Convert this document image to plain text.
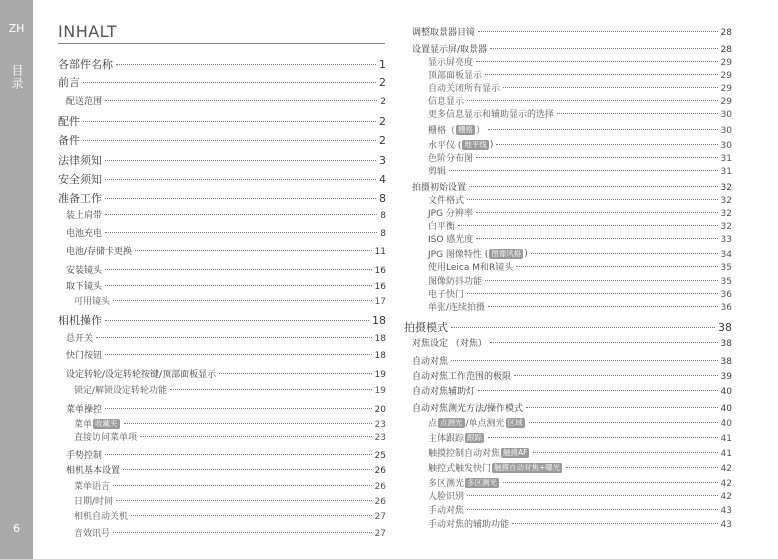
ZH
目录
6
INHALT
各部件名称	1
前言	2
配送范围	2
配件	2
备件	2
法律须知	3
安全须知	4
准备工作	8
装上肩带	8
电池充电	8
电池/存储卡更换	11
安装镜头	16
取下镜头	16
可用镜头	17
相机操作	18
总开关	18
快门按钮	18
设定转轮/设定转轮按键/顶部面板显示	19
锁定/解锁设定转轮功能	19
菜单操控	20
菜单 收藏夹	23
直接访问菜单项	23
手势控制	25
相机基本设置	26
菜单语言	26
日期/时间	26
相机自动关机	27
音效讯号	27
调整取景器目镜	28
设置显示屏/取景器	28
显示屏亮度	29
顶部面板显示	29
自动关闭所有显示	29
信息显示	29
更多信息显示和辅助显示的选择	30
栅格（ 栅格 ）	30
水平仪 ( 地平线 )	30
色阶分布图	31
剪辑	31
拍摄初始设置	32
文件格式	32
JPG 分辨率	32
白平衡	32
ISO 感光度	33
JPG 图像特性 ( 图像风格 )	34
使用Leica M和R镜头	35
图像防抖功能	35
电子快门	36
单张/连续拍摄	36
拍摄模式	38
对焦设定 （对焦）	38
自动对焦	38
自动对焦工作范围的极限	39
自动对焦辅助灯	40
自动对焦测光方法/操作模式	40
点 点测光 /单点测光 区域	40
主体跟踪 跟踪	41
触摸控制自动对焦 触摸AF	41
触控式触发快门 触摸自动对焦+曝光	42
多区测光 多区测光	42
人脸识别	42
手动对焦	43
手动对焦的辅助功能	43
